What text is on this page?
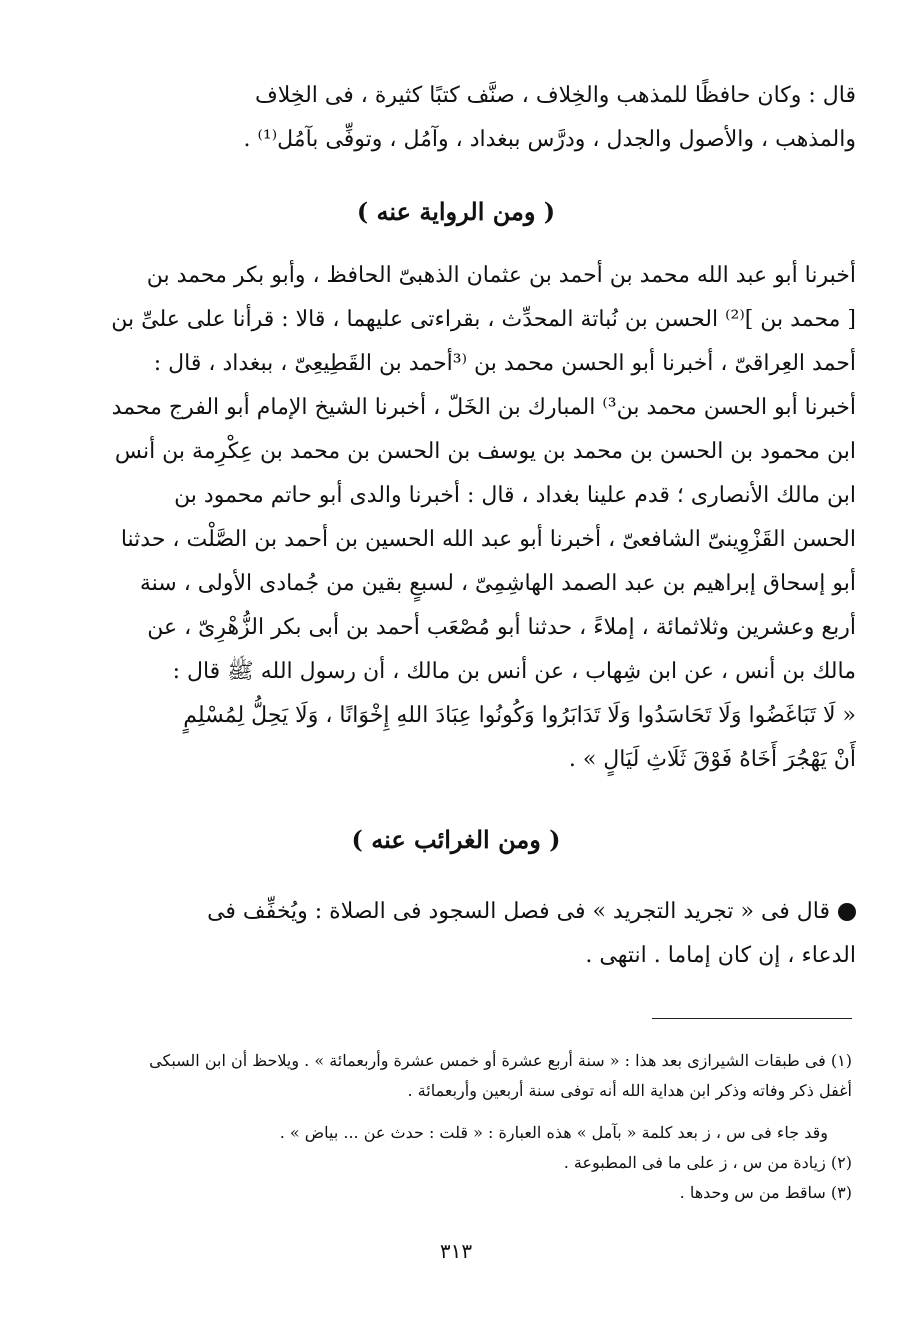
قال : وكان حافظًا للمذهب والخِلاف ، صنَّف كتبًا كثيرة ، فى الخِلاف
والمذهب ، والأصول والجدل ، ودرَّس ببغداد ، وآمُل ، وتوفِّى بآمُل⁽¹⁾ .
( ومن الرواية عنه )
أخبرنا أبو عبد الله محمد بن أحمد بن عثمان الذهبىّ الحافظ ، وأبو بكر محمد بن
[ محمد بن ]⁽²⁾ الحسن بن نُباتة المحدِّث ، بقراءتى عليهما ، قالا : قرأنا على علىِّ بن
أحمد العِراقىّ ، أخبرنا أبو الحسن محمد بن ⁽³أحمد بن القَطِيعِىّ ، ببغداد ، قال :
أخبرنا أبو الحسن محمد بن³⁾ المبارك بن الخَلّ ، أخبرنا الشيخ الإمام أبو الفرج محمد
ابن محمود بن الحسن بن محمد بن يوسف بن الحسن بن محمد بن عِكْرِمة بن أنس
ابن مالك الأنصارى ؛ قدم علينا بغداد ، قال : أخبرنا والدى أبو حاتم محمود بن
الحسن القَزْوِينىّ الشافعىّ ، أخبرنا أبو عبد الله الحسين بن أحمد بن الصَّلْت ، حدثنا
أبو إسحاق إبراهيم بن عبد الصمد الهاشِمِىّ ، لسبعٍ بقين من جُمادى الأولى ، سنة
أربع وعشرين وثلاثمائة ، إملاءً ، حدثنا أبو مُصْعَب أحمد بن أبى بكر الزُّهْرِىّ ، عن
مالك بن أنس ، عن ابن شِهاب ، عن أنس بن مالك ، أن رسول الله ﷺ قال :
« لَا تَبَاغَضُوا وَلَا تَحَاسَدُوا وَلَا تَدَابَرُوا وَكُونُوا عِبَادَ اللهِ إِخْوَانًا ، وَلَا يَحِلُّ لِمُسْلِمٍ
أَنْ يَهْجُرَ أَخَاهُ فَوْقَ ثَلَاثِ لَيَالٍ » .
( ومن الغرائب عنه )
قال فى « تجريد التجريد » فى فصل السجود فى الصلاة : ويُخفِّف فى
الدعاء ، إن كان إماما . انتهى .
(١) فى طبقات الشيرازى بعد هذا : « سنة أربع عشرة أو خمس عشرة وأربعمائة » . ويلاحظ أن ابن السبكى
أغفل ذكر وفاته وذكر ابن هداية الله أنه توفى سنة أربعين وأربعمائة .
وقد جاء فى س ، ز بعد كلمة « بآمل » هذه العبارة : « قلت : حدث عن ... بياض » .
(٢) زيادة من س ، ز على ما فى المطبوعة .
(٣) ساقط من س وحدها .
٣١٣
